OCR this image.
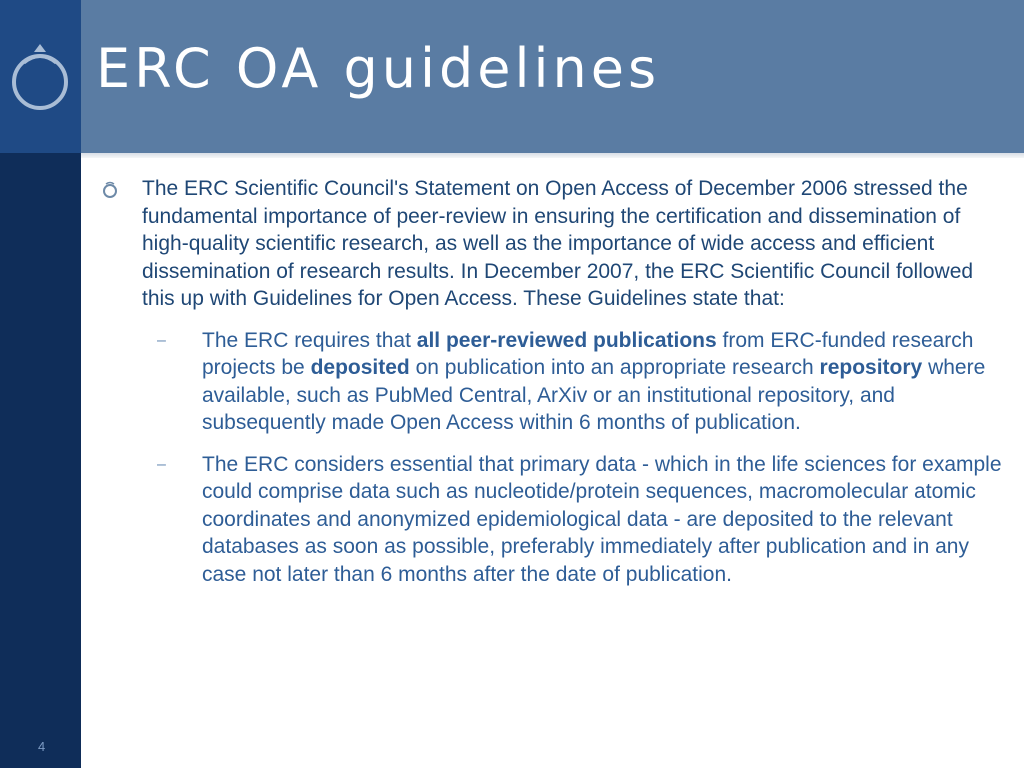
ERC OA guidelines
The ERC Scientific Council's Statement on Open Access of December 2006 stressed the fundamental importance of peer-review in ensuring the certification and dissemination of high-quality scientific research, as well as the importance of wide access and efficient dissemination of research results. In December 2007, the ERC Scientific Council followed this up with Guidelines for Open Access. These Guidelines state that:
– The ERC requires that all peer-reviewed publications from ERC-funded research projects be deposited on publication into an appropriate research repository where available, such as PubMed Central, ArXiv or an institutional repository, and subsequently made Open Access within 6 months of publication.
– The ERC considers essential that primary data - which in the life sciences for example could comprise data such as nucleotide/protein sequences, macromolecular atomic coordinates and anonymized epidemiological data - are deposited to the relevant databases as soon as possible, preferably immediately after publication and in any case not later than 6 months after the date of publication.
4
